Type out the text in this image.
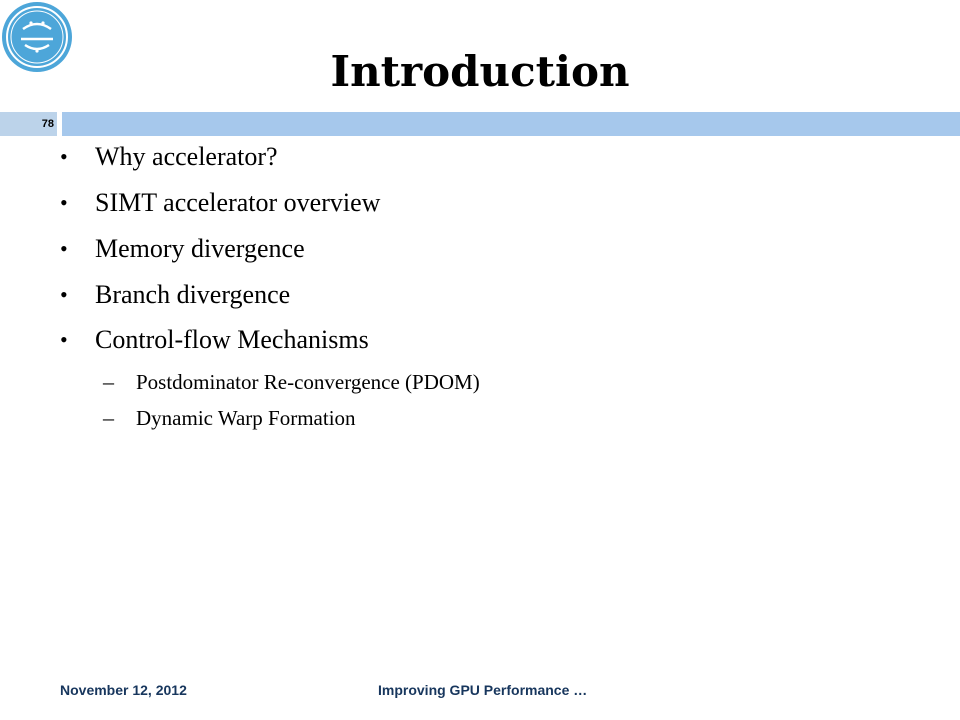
Introduction
78
• Why accelerator?
• SIMT accelerator overview
• Memory divergence
• Branch divergence
• Control-flow Mechanisms
– Postdominator Re-convergence (PDOM)
– Dynamic Warp Formation
November 12, 2012	Improving GPU Performance …
